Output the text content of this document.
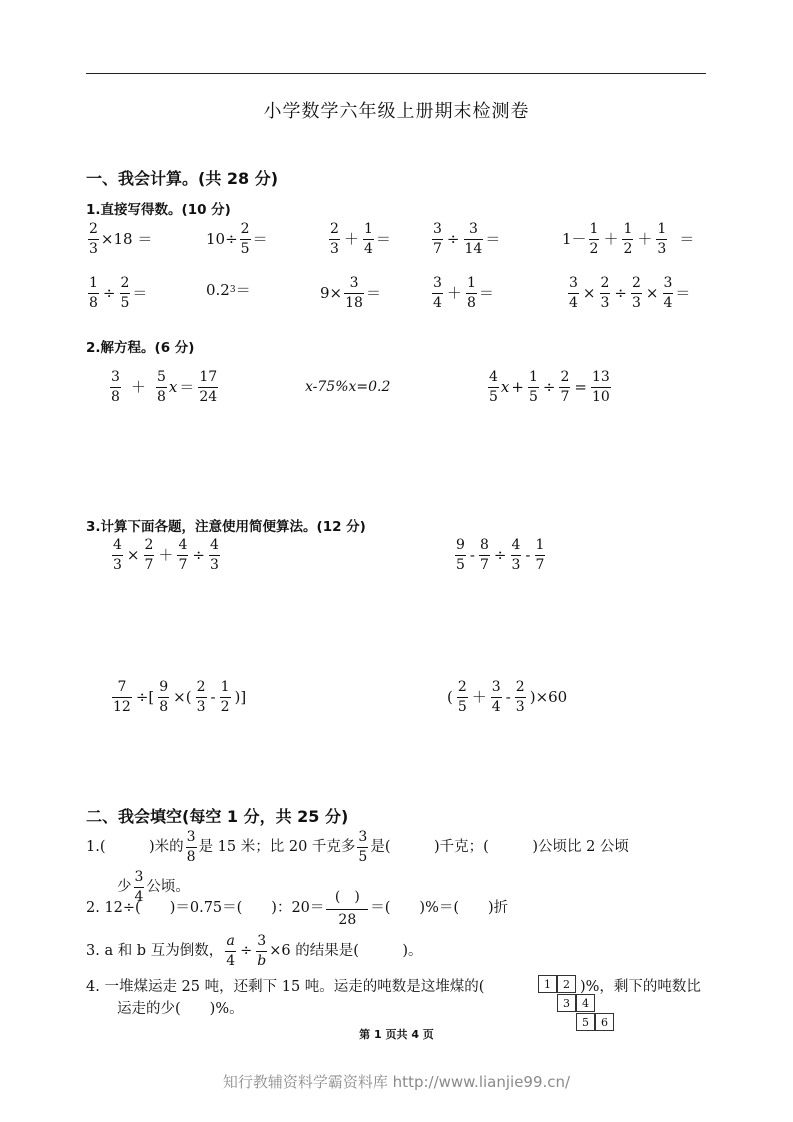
小学数学六年级上册期末检测卷
一、我会计算。(共 28 分)
1.直接写得数。(10 分)
$\frac{2}{3} \times 18$ ＝	$10\div \frac{2}{5}$ ＝	$\frac{2}{3} + \frac{1}{4}$ ＝	$\frac{3}{7} \div \frac{3}{14}$ ＝	$1- \frac{1}{2} + \frac{1}{2} + \frac{1}{3}$ ＝
$\frac{1}{8} \div \frac{2}{5}$ ＝	0.2 3 ＝	$9\times \frac{3}{18}$ ＝	$\frac{3}{4} + \frac{1}{8}$ ＝	$\frac{3}{4} \times \frac{2}{3} \div \frac{2}{3} \times \frac{3}{4}$ ＝
2.解方程。(6 分)
$\frac{3}{8} + \frac{5}{8}$ $x = \frac{17}{24}$	x-75%x=0.2	$\frac{4}{5}$ $x + \frac{1}{5} \div \frac{2}{7} = \frac{13}{10}$
3.计算下面各题，注意使用简便算法。(12 分)
$\frac{4}{3} \times \frac{2}{7} + \frac{4}{7} \div \frac{4}{3}$	$\frac{9}{5} - \frac{8}{7} \div \frac{4}{3} - \frac{1}{7}$
$\frac{7}{12}$ ÷[ $\frac{9}{8}$ ×( $\frac{2}{3} - \frac{1}{2}$ )]	( $\frac{2}{5} + \frac{3}{4} - \frac{2}{3} )\times 60$
二、我会填空(每空 1 分，共 25 分)
1.(　　　)米的 $\frac{3}{8}$ 是 15 米；比 20 千克多 $\frac{3}{5}$ 是(　　　)千克；(　　　)公顷比 2 公顷
少 $\frac{3}{4}$ 公顷。
2. 12÷(　　)＝0.75＝(　　)：$20= \frac{( )}{28}$ ＝(　　)%＝(　　)折
3. a 和 b 互为倒数， $\frac{a}{4} \div \frac{3}{b} \times 6$ 的结果是(　　　)。
4. 一堆煤运走 25 吨，还剩下 15 吨。运走的吨数是这堆煤的(	)%，剩下的吨数比
运走的少(　　)%。
1	2
3	4
5	6
第 1 页共 4 页
知行教辅资料学霸资料库 http://www.lianjie99.cn/
